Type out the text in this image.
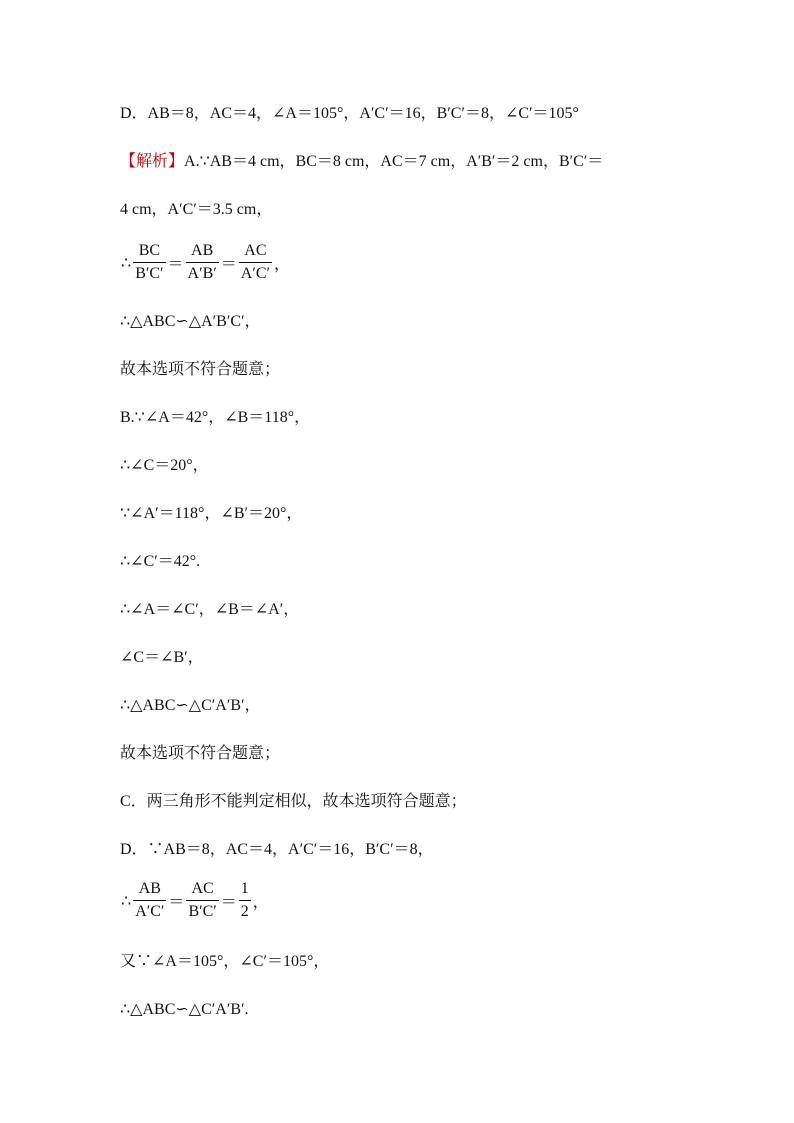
D．AB＝8，AC＝4，∠A＝105°，A′C′＝16，B′C′＝8，∠C′＝105°
【解析】A.∵AB＝4 cm，BC＝8 cm，AC＝7 cm，A′B′＝2 cm，B′C′＝
4 cm，A′C′＝3.5 cm，
∴ $\frac{BC}{B'C'} = \frac{AB}{A'B'} = \frac{AC}{A'C'}$ ，
∴△ABC∽△A′B′C′，
故本选项不符合题意；
B.∵∠A＝42°，∠B＝118°，
∴∠C＝20°，
∵∠A′＝118°，∠B′＝20°，
∴∠C′＝42°.
∴∠A＝∠C′，∠B＝∠A′，
∠C＝∠B′，
∴△ABC∽△C′A′B′，
故本选项不符合题意；
C．两三角形不能判定相似，故本选项符合题意；
D．∵AB＝8，AC＝4，A′C′＝16，B′C′＝8，
∴ $\frac{AB}{A'C'} = \frac{AC}{B'C'} = \frac{1}{2}$ ，
又∵∠A＝105°，∠C′＝105°，
∴△ABC∽△C′A′B′.
